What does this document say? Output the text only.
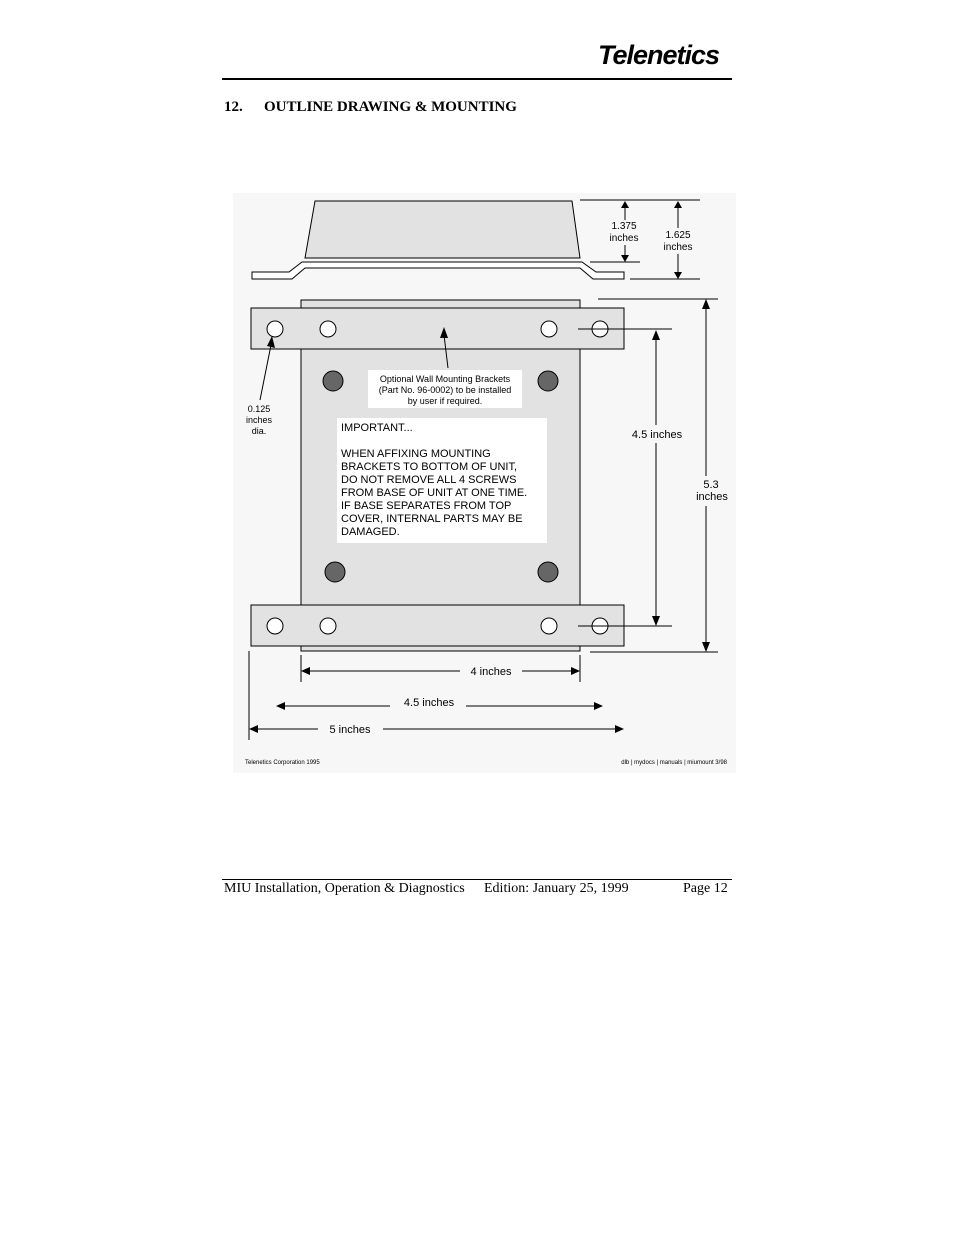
Telenetics
12. OUTLINE DRAWING & MOUNTING
1.375
inches	1.625
inches
Optional Wall Mounting Brackets
(Part No. 96-0002) to be installed
by user if required.
0.125
inches
dia.	IMPORTANT...
WHEN AFFIXING MOUNTING
BRACKETS TO BOTTOM OF UNIT,
DO NOT REMOVE ALL 4 SCREWS
FROM BASE OF UNIT AT ONE TIME.
IF BASE SEPARATES FROM TOP
COVER, INTERNAL PARTS MAY BE
DAMAGED.
4.5 inches
5.3
inches
4 inches
4.5 inches
5 inches
Telenetics Corporation 1995	dlb | mydocs | manuals | miumount 3/98
MIU Installation, Operation & Diagnostics Edition: January 25, 1999	Page 12
